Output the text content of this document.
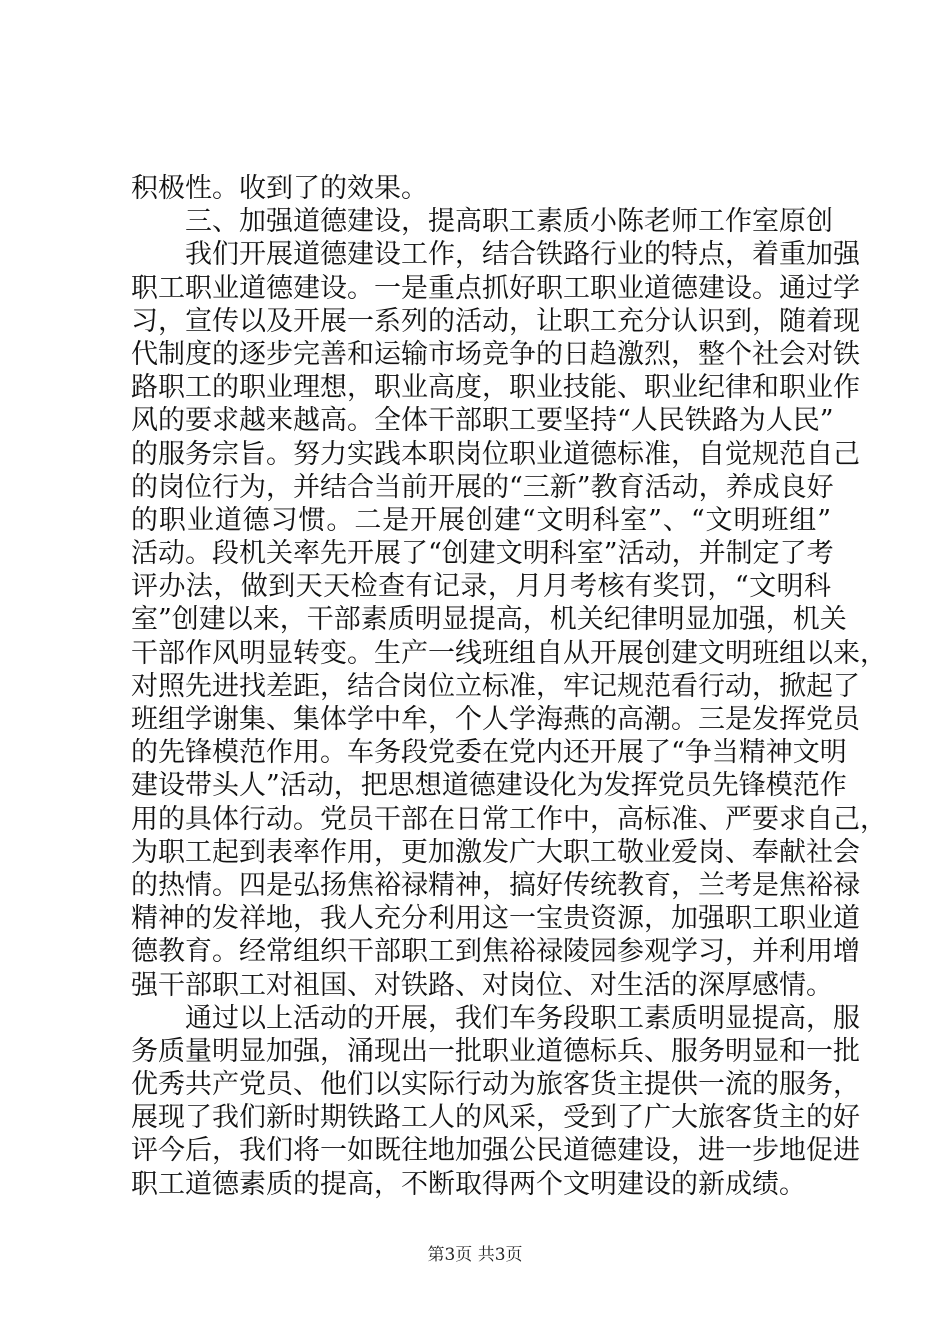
积极性。收到了的效果。
三、加强道德建设，提高职工素质小陈老师工作室原创
我们开展道德建设工作，结合铁路行业的特点，着重加强
职工职业道德建设。一是重点抓好职工职业道德建设。通过学
习，宣传以及开展一系列的活动，让职工充分认识到，随着现
代制度的逐步完善和运输市场竞争的日趋激烈，整个社会对铁
路职工的职业理想，职业高度，职业技能、职业纪律和职业作
风的要求越来越高。全体干部职工要坚持“人民铁路为人民”
的服务宗旨。努力实践本职岗位职业道德标准，自觉规范自己
的岗位行为，并结合当前开展的“三新”教育活动，养成良好
的职业道德习惯。二是开展创建“文明科室”、“文明班组”
活动。段机关率先开展了“创建文明科室”活动，并制定了考
评办法，做到天天检查有记录，月月考核有奖罚，“文明科
室”创建以来，干部素质明显提高，机关纪律明显加强，机关
干部作风明显转变。生产一线班组自从开展创建文明班组以来，
对照先进找差距，结合岗位立标准，牢记规范看行动，掀起了
班组学谢集、集体学中牟，个人学海燕的高潮。三是发挥党员
的先锋模范作用。车务段党委在党内还开展了“争当精神文明
建设带头人”活动，把思想道德建设化为发挥党员先锋模范作
用的具体行动。党员干部在日常工作中，高标准、严要求自己，
为职工起到表率作用，更加激发广大职工敬业爱岗、奉献社会
的热情。四是弘扬焦裕禄精神，搞好传统教育，兰考是焦裕禄
精神的发祥地，我人充分利用这一宝贵资源，加强职工职业道
德教育。经常组织干部职工到焦裕禄陵园参观学习，并利用增
强干部职工对祖国、对铁路、对岗位、对生活的深厚感情。
通过以上活动的开展，我们车务段职工素质明显提高，服
务质量明显加强，涌现出一批职业道德标兵、服务明显和一批
优秀共产党员、他们以实际行动为旅客货主提供一流的服务，
展现了我们新时期铁路工人的风采，受到了广大旅客货主的好
评今后，我们将一如既往地加强公民道德建设，进一步地促进
职工道德素质的提高，不断取得两个文明建设的新成绩。
第3页 共3页
